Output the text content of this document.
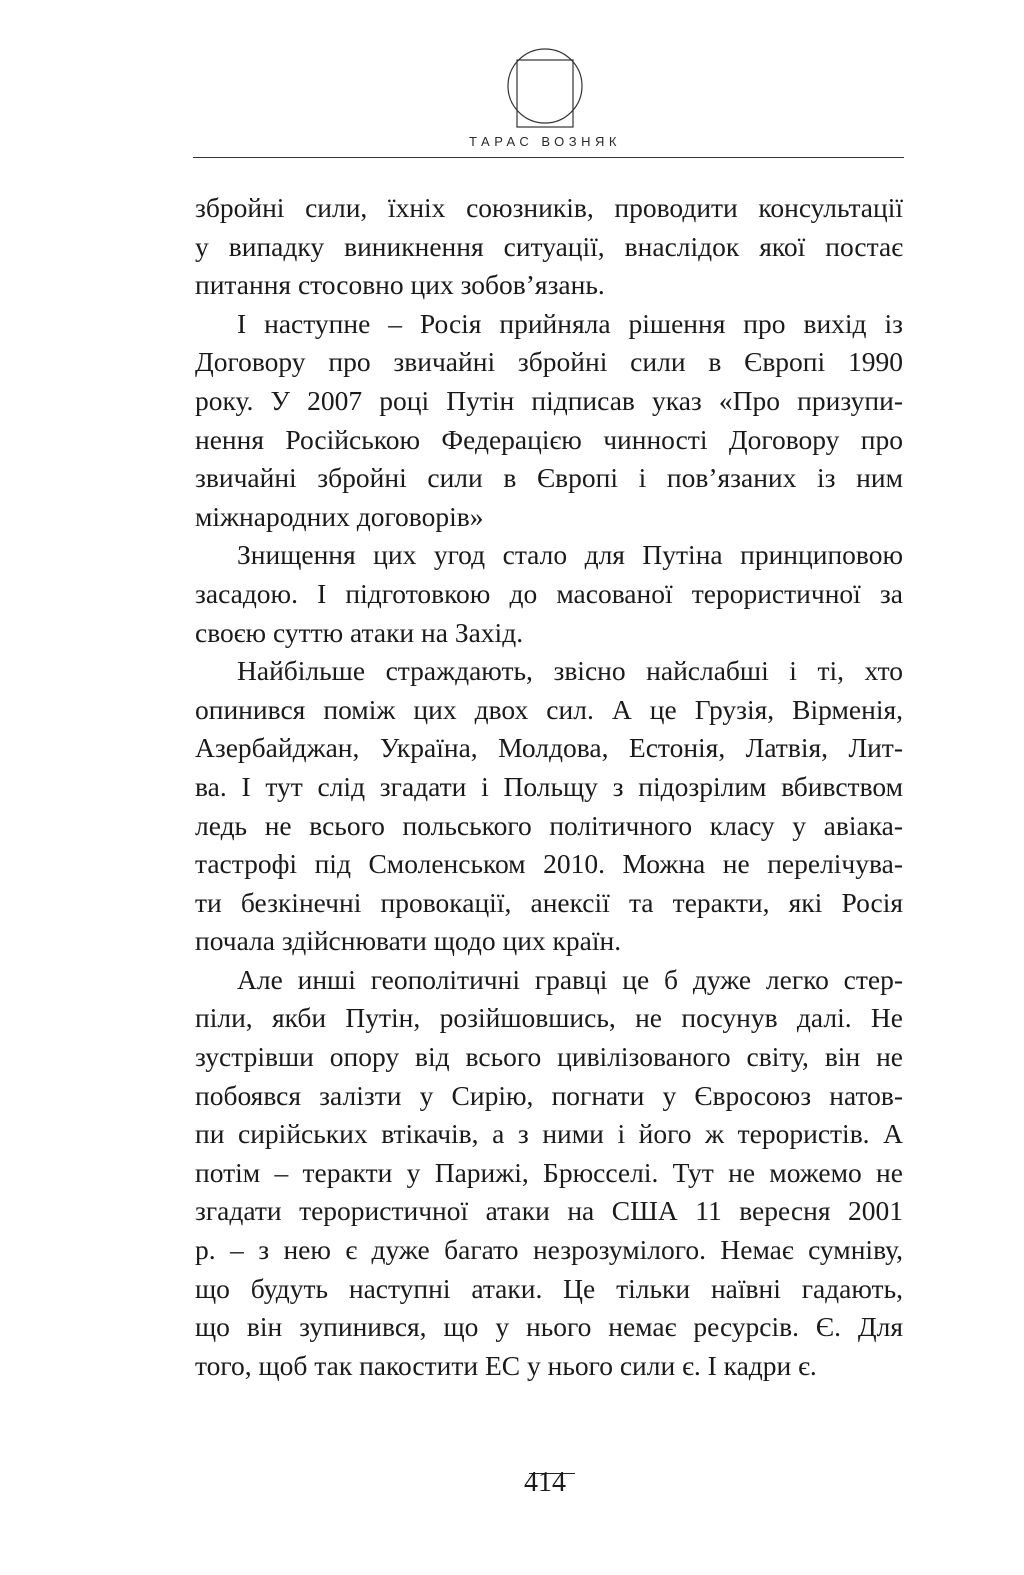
ТАРАС ВОЗНЯК
збройні сили, їхніх союзників, проводити консультації
у випадку виникнення ситуації, внаслідок якої постає
питання стосовно цих зобов’язань.
І наступне – Росія прийняла рішення про вихід із
Договору про звичайні збройні сили в Європі 1990
року. У 2007 році Путін підписав указ «Про призупи-
нення Російською Федерацією чинності Договору про
звичайні збройні сили в Європі і пов’язаних із ним
міжнародних договорів»
Знищення цих угод стало для Путіна принциповою
засадою. І підготовкою до масованої терористичної за
своєю суттю атаки на Захід.
Найбільше страждають, звісно найслабші і ті, хто
опинився поміж цих двох сил. А це Грузія, Вірменія,
Азербайджан, Україна, Молдова, Естонія, Латвія, Лит-
ва. І тут слід згадати і Польщу з підозрілим вбивством
ледь не всього польського політичного класу у авіака-
тастрофі під Смоленськом 2010. Можна не перелічува-
ти безкінечні провокації, анексії та теракти, які Росія
почала здійснювати щодо цих країн.
Але инші геополітичні гравці це б дуже легко стер-
піли, якби Путін, розійшовшись, не посунув далі. Не
зустрівши опору від всього цивілізованого світу, він не
побоявся залізти у Сирію, погнати у Євросоюз натов-
пи сирійських втікачів, а з ними і його ж терористів. А
потім – теракти у Парижі, Брюсселі. Тут не можемо не
згадати терористичної атаки на США 11 вересня 2001
р. – з нею є дуже багато незрозумілого. Немає сумніву,
що будуть наступні атаки. Це тільки наївні гадають,
що він зупинився, що у нього немає ресурсів. Є. Для
того, щоб так пакостити ЕС у нього сили є. І кадри є.
414
